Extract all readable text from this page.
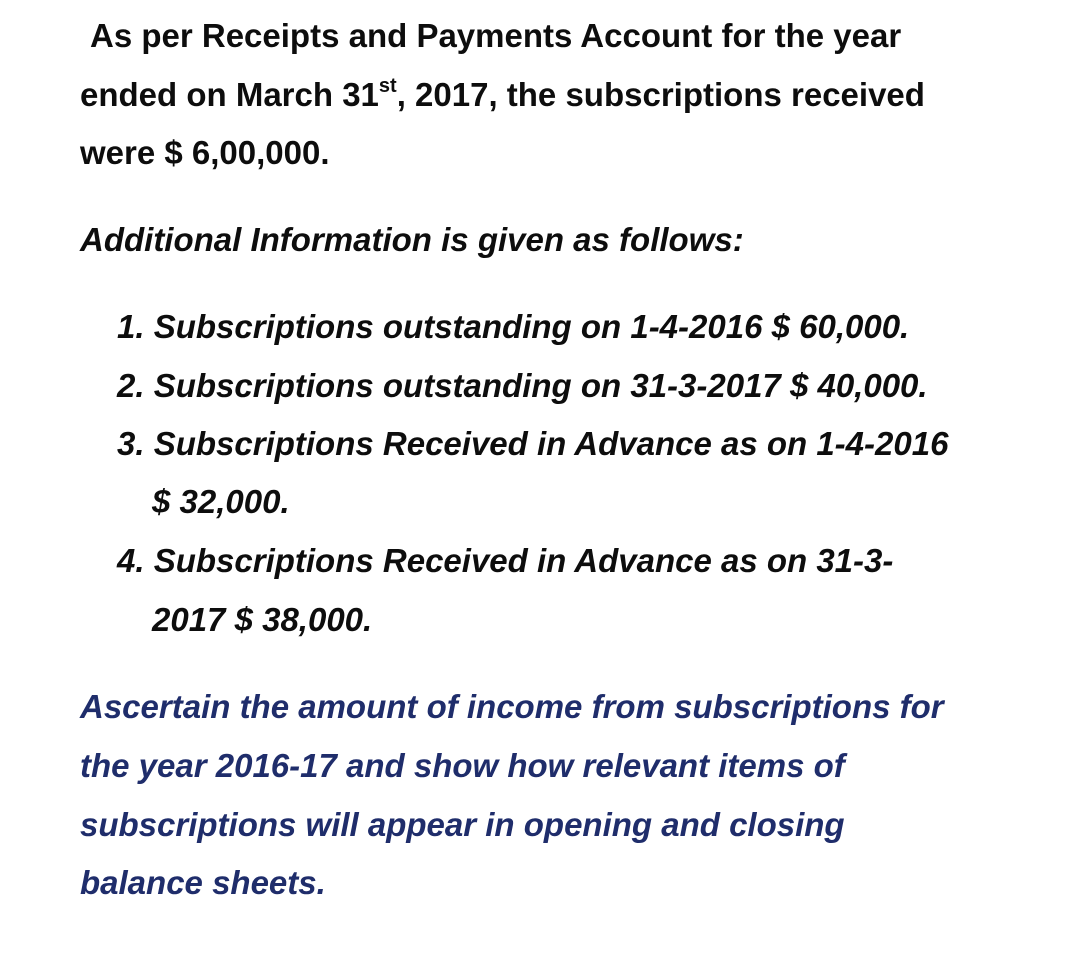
As per Receipts and Payments Account for the year
ended on March 31st, 2017, the subscriptions received
were $ 6,00,000.
Additional Information is given as follows:
1. Subscriptions outstanding on 1-4-2016 $ 60,000.
2. Subscriptions outstanding on 31-3-2017 $ 40,000.
3. Subscriptions Received in Advance as on 1-4-2016
$ 32,000.
4. Subscriptions Received in Advance as on 31-3-
2017 $ 38,000.
Ascertain the amount of income from subscriptions for
the year 2016-17 and show how relevant items of
subscriptions will appear in opening and closing
balance sheets.
